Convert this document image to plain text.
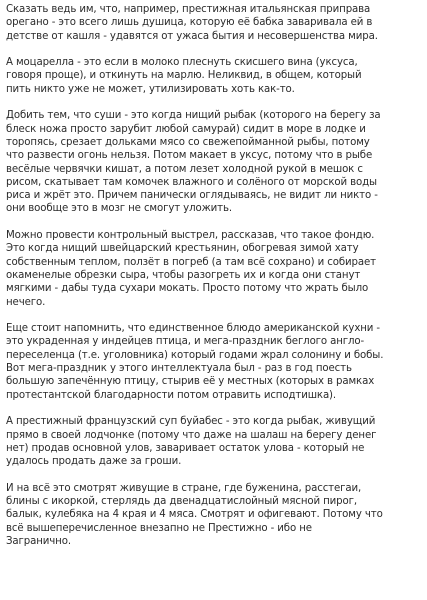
Сказать ведь им, что, например, престижная итальянская приправа
орегано - это всего лишь душица, которую её бабка заваривала ей в
детстве от кашля - удавятся от ужаса бытия и несовершенства мира.

А моцарелла - это если в молоко плеснуть скисшего вина (уксуса,
говоря проще), и откинуть на марлю. Неликвид, в общем, который
пить никто уже не может, утилизировать хоть как-то.

Добить тем, что суши - это когда нищий рыбак (которого на берегу за
блеск ножа просто зарубит любой самурай) сидит в море в лодке и
торопясь, срезает дольками мясо со свежепойманной рыбы, потому
что развести огонь нельзя. Потом макает в уксус, потому что в рыбе
весёлые червячки кишат, а потом лезет холодной рукой в мешок с
рисом, скатывает там комочек влажного и солёного от морской воды
риса и жрёт это. Причем панически оглядываясь, не видит ли никто -
они вообще это в мозг не смогут уложить.

Можно провести контрольный выстрел, рассказав, что такое фондю.
Это когда нищий швейцарский крестьянин, обогревая зимой хату
собственным теплом, ползёт в погреб (а там всё сохрано) и собирает
окаменелые обрезки сыра, чтобы разогреть их и когда они станут
мягкими - дабы туда сухари мокать. Просто потому что жрать было
нечего.

Еще стоит напомнить, что единственное блюдо американской кухни -
это украденная у индейцев птица, и мега-праздник беглого англо-
переселенца (т.е. уголовника) который годами жрал солонину и бобы.
Вот мега-праздник у этого интеллектуала был - раз в год поесть
большую запечённую птицу, стырив её у местных (которых в рамках
протестантской благодарности потом отравить исподтишка).

А престижный французский суп буйабес - это когда рыбак, живущий
прямо в своей лодчонке (потому что даже на шалаш на берегу денег
нет) продав основной улов, заваривает остаток улова - который не
удалось продать даже за гроши.

И на всё это смотрят живущие в стране, где буженина, расстегаи,
блины с икоркой, стерлядь да двенадцатислойный мясной пирог,
балык, кулебяка на 4 края и 4 мяса. Смотрят и офигевают. Потому что
всё вышеперечисленное внезапно не Престижно - ибо не
Загранично.
